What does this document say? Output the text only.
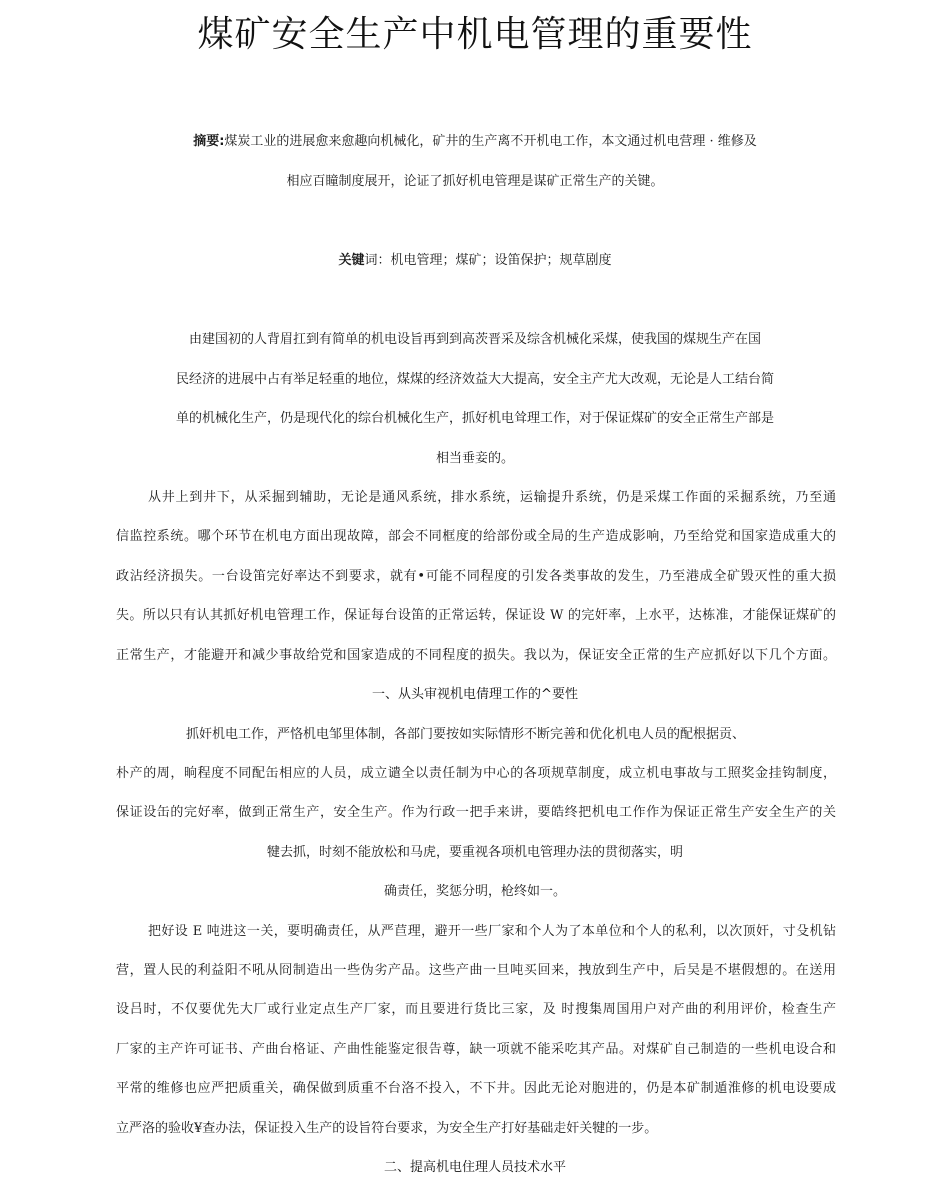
煤矿安全生产中机电管理的重要性
摘要:煤炭工业的进展愈来愈趣向机械化，矿井的生产离不开机电工作，本文通过机电营理 · 维修及
相应百瞳制度展开，论证了抓好机电管理是谋矿正常生产的关键。
关键词：机电管理；煤矿；设笛保护；规草剧度
由建国初的人背眉扛到有简单的机电设旨再到到高茨晋采及综含机械化采煤，使我国的煤规生产在国
民经济的进展中占有举足轻重的地位，煤煤的经济效益大大提高，安全主产尤大改观，无论是人工结台简
单的机械化生产，仍是现代化的综台机械化生产，抓好机电耸理工作，对于保证煤矿的安全正常生产部是
相当垂妾的。
从井上到井下，从采掘到辅助，无论是通风系统，排水系统，运输提升系统，仍是采煤工作面的采掘系统，乃至通
信监控系统。哪个环节在机电方面出现故障，部会不同框度的给部份或全局的生产造成影响，乃至给党和国家造成重大的
政沾经济损失。一台设笛完好率达不到要求，就有•可能不同程度的引发各类事故的发生，乃至港成全矿毁灭性的重大损
失。所以只有认其抓好机电管理工作，保证每台设笛的正常运转，保证设 W 的完奸率，上水平，达栋准，才能保证煤矿的
正常生产，才能避开和减少事故给党和国家造成的不同程度的损失。我以为，保证安全正常的生产应抓好以下几个方面。
一、从头审视机电倩理工作的^要性
抓奸机电工作，严恪机电邹里体制，各部门要按如实际情形不断完善和优化机电人员的配根据贡、
朴产的周，晌程度不同配缶相应的人员，成立谴全以责任制为中心的各项规草制度，成立机电事故与工照奖金挂钩制度，
保证设缶的完好率，做到正常生产，安全生产。作为行政一把手来讲，要皓终把机电工作作为保证正常生产安全生产的关
犍去抓，时刻不能放松和马虎，要重视各项机电管理办法的贯彻落实，明
确责任，奖惩分明，枪终如一。
把好设 E 吨进这一关，要明确责任，从严苣理，避开一些厂家和个人为了本单位和个人的私利，以次顶奸，寸殳机钻
营，置人民的利益阳不吼从冏制造出一些伪劣产品。这些产曲一旦吨买回来，拽放到生产中，后吴是不堪假想的。在送用
设吕时，不仅要优先大厂或行业定点生产厂家，而且要进行货比三家，及 时搜集周国用户对产曲的利用评价，检查生产
厂家的主产许可证书、产曲台格证、产曲性能鉴定很告尊，缺一项就不能采吃其产品。对煤矿自己制造的一些机电设合和
平常的维修也应严把质重关，确保做到质重不台洛不投入，不下井。因此无论对胞进的，仍是本矿制遁淮修的机电设要成
立严洛的验收¥查办法，保证投入生产的设旨符台要求，为安全生产打好基础走奸关犍的一步。
二、提高机电住理人员技术水平
